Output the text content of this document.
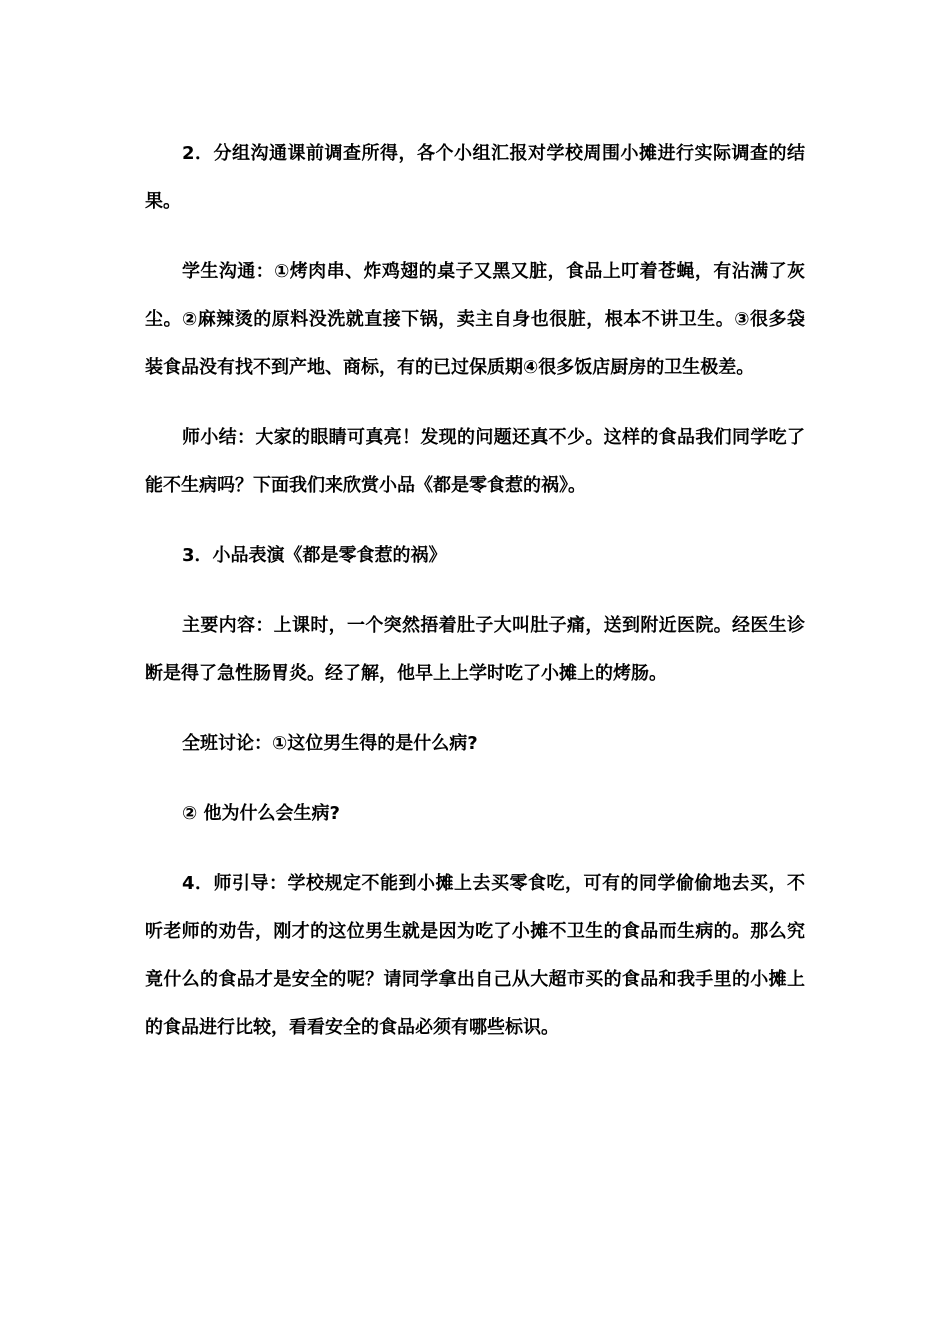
2．分组沟通课前调查所得，各个小组汇报对学校周围小摊进行实际调查的结果。

学生沟通：①烤肉串、炸鸡翅的桌子又黑又脏，食品上叮着苍蝇，有沾满了灰尘。②麻辣烫的原料没洗就直接下锅，卖主自身也很脏，根本不讲卫生。③很多袋装食品没有找不到产地、商标，有的已过保质期④很多饭店厨房的卫生极差。

师小结：大家的眼睛可真亮！发现的问题还真不少。这样的食品我们同学吃了能不生病吗？下面我们来欣赏小品《都是零食惹的祸》。

3．小品表演《都是零食惹的祸》

主要内容：上课时，一个突然捂着肚子大叫肚子痛，送到附近医院。经医生诊断是得了急性肠胃炎。经了解，他早上上学时吃了小摊上的烤肠。

全班讨论：①这位男生得的是什么病?

② 他为什么会生病?

4．师引导：学校规定不能到小摊上去买零食吃，可有的同学偷偷地去买，不听老师的劝告，刚才的这位男生就是因为吃了小摊不卫生的食品而生病的。那么究竟什么的食品才是安全的呢？请同学拿出自己从大超市买的食品和我手里的小摊上的食品进行比较，看看安全的食品必须有哪些标识。
